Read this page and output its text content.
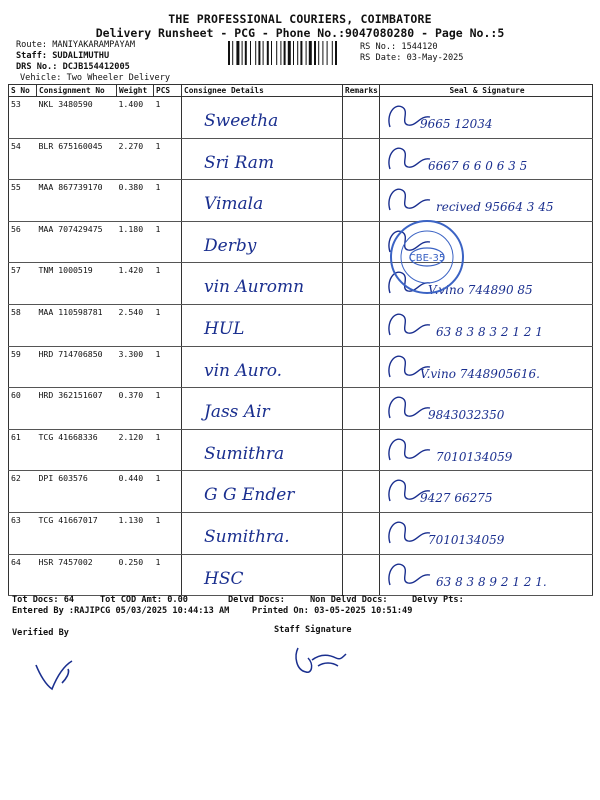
THE PROFESSIONAL COURIERS, COIMBATORE
Delivery Runsheet - PCG - Phone No.:9047080280 - Page No.:5
Route: MANIYAKARAMPAYAM
Staff: SUDALIMUTHU
DRS No.: DCJB154412005
Vehicle: Two Wheeler Delivery
RS No.: 1544120
RS Date: 03-May-2025
S No	Consignment No	Weight	PCS	Consignee Details	Remarks	Seal & Signature
53	NKL 3480590	1.400	1	Sweetha		9665 12034

54	BLR 675160045	2.270	1	Sri Ram		6667 6 6 0 6 3 5

55	MAA 867739170	0.380	1	Vimala		recived 95664 3 45

56	MAA 707429475	1.180	1	Derby

57	TNM 1000519	1.420	1	vin Auromn		V.vino 744890 85

58	MAA 110598781	2.540	1	HUL		63 8 3 8 3 2 1 2 1

59	HRD 714706850	3.300	1	vin Auro.		V.vino 7448905616.

60	HRD 362151607	0.370	1	Jass Air		9843032350

61	TCG 41668336	2.120	1	Sumithra		7010134059

62	DPI 603576	0.440	1	G G Ender		9427 66275

63	TCG 41667017	1.130	1	Sumithra.		7010134059

64	HSR 7457002	0.250	1	HSC		63 8 3 8 9 2 1 2 1.
CBE-35
Tot Docs: 64	Tot COD Amt: 0.00	Delvd Docs:	Non Delvd Docs:	Delvy Pts:
Entered By :RAJIPCG 05/03/2025 10:44:13 AM	Printed On: 03-05-2025 10:51:49
Verified By	Staff Signature
